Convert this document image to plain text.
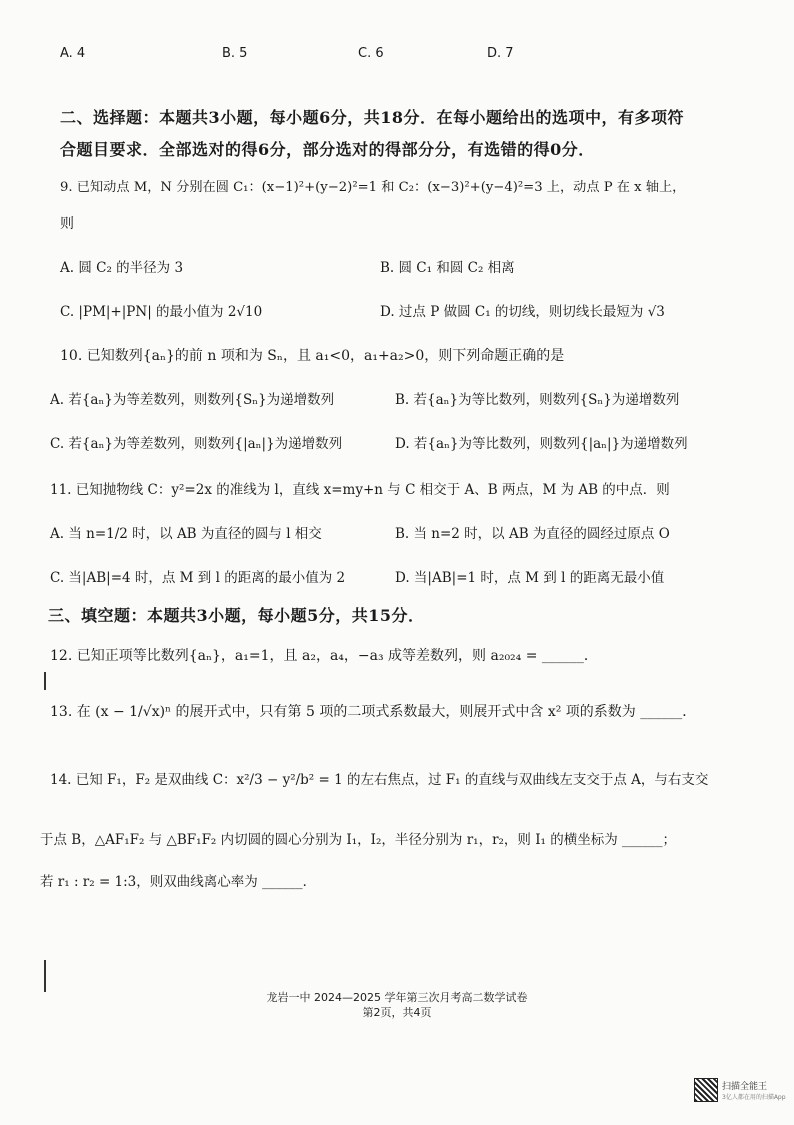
A. 4	B. 5	C. 6	D. 7
二、选择题：本题共3小题，每小题6分，共18分．在每小题给出的选项中，有多项符
合题目要求．全部选对的得6分，部分选对的得部分分，有选错的得0分．
9. 已知动点 M，N 分别在圆 C₁：(x−1)²+(y−2)²=1 和 C₂：(x−3)²+(y−4)²=3 上，动点 P 在 x 轴上，
则
A. 圆 C₂ 的半径为 3	B. 圆 C₁ 和圆 C₂ 相离
C. |PM|+|PN| 的最小值为 2√10	D. 过点 P 做圆 C₁ 的切线，则切线长最短为 √3
10. 已知数列{aₙ}的前 n 项和为 Sₙ，且 a₁<0，a₁+a₂>0，则下列命题正确的是
A. 若{aₙ}为等差数列，则数列{Sₙ}为递增数列	B. 若{aₙ}为等比数列，则数列{Sₙ}为递增数列
C. 若{aₙ}为等差数列，则数列{|aₙ|}为递增数列	D. 若{aₙ}为等比数列，则数列{|aₙ|}为递增数列
11. 已知抛物线 C：y²=2x 的准线为 l，直线 x=my+n 与 C 相交于 A、B 两点，M 为 AB 的中点．则
A. 当 n=1/2 时，以 AB 为直径的圆与 l 相交	B. 当 n=2 时，以 AB 为直径的圆经过原点 O
C. 当|AB|=4 时，点 M 到 l 的距离的最小值为 2	D. 当|AB|=1 时，点 M 到 l 的距离无最小值
三、填空题：本题共3小题，每小题5分，共15分．
12. 已知正项等比数列{aₙ}，a₁=1，且 a₂，a₄，−a₃ 成等差数列，则 a₂₀₂₄ = ______．
13. 在 (x − 1/√x)ⁿ 的展开式中，只有第 5 项的二项式系数最大，则展开式中含 x² 项的系数为 ______．
14. 已知 F₁，F₂ 是双曲线 C：x²/3 − y²/b² = 1 的左右焦点，过 F₁ 的直线与双曲线左支交于点 A，与右支交
于点 B，△AF₁F₂ 与 △BF₁F₂ 内切圆的圆心分别为 I₁，I₂，半径分别为 r₁，r₂，则 I₁ 的横坐标为 ______；
若 r₁ : r₂ = 1:3，则双曲线离心率为 ______．
龙岩一中 2024—2025 学年第三次月考高二数学试卷
第2页，共4页
扫描全能王
3亿人都在用的扫描App
